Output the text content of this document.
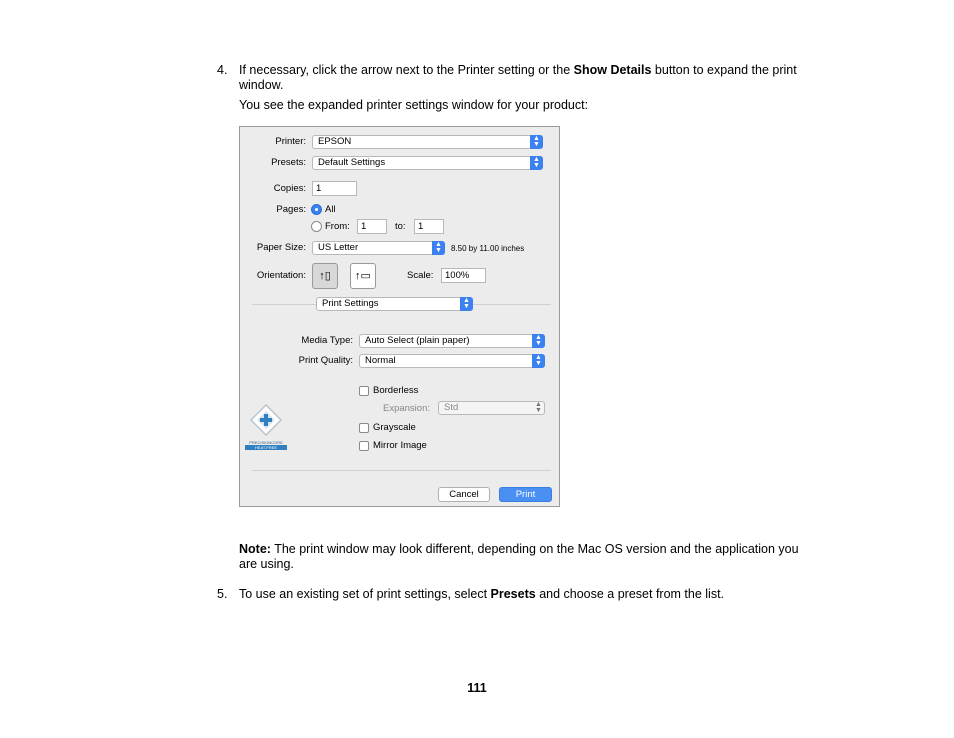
4. If necessary, click the arrow next to the Printer setting or the Show Details button to expand the print window.
You see the expanded printer settings window for your product:
Printer:	EPSON	▲
▼
Presets:	Default Settings	▲
▼
Copies:	1
Pages: All
From:	1	to:	1
Paper Size:	US Letter	▲
▼	8.50 by 11.00 inches
Orientation:	↑▯	↑▭	Scale:	100%
Print Settings	▲
▼
Media Type:	Auto Select (plain paper)	▲
▼
Print Quality:	Normal	▲
▼
Borderless
Expansion:	Std	▲
▼
Grayscale
Mirror Image
PRECISIONCORE
HEAT-FREE
Cancel	Print
Note: The print window may look different, depending on the Mac OS version and the application you are using.
5. To use an existing set of print settings, select Presets and choose a preset from the list.
111
